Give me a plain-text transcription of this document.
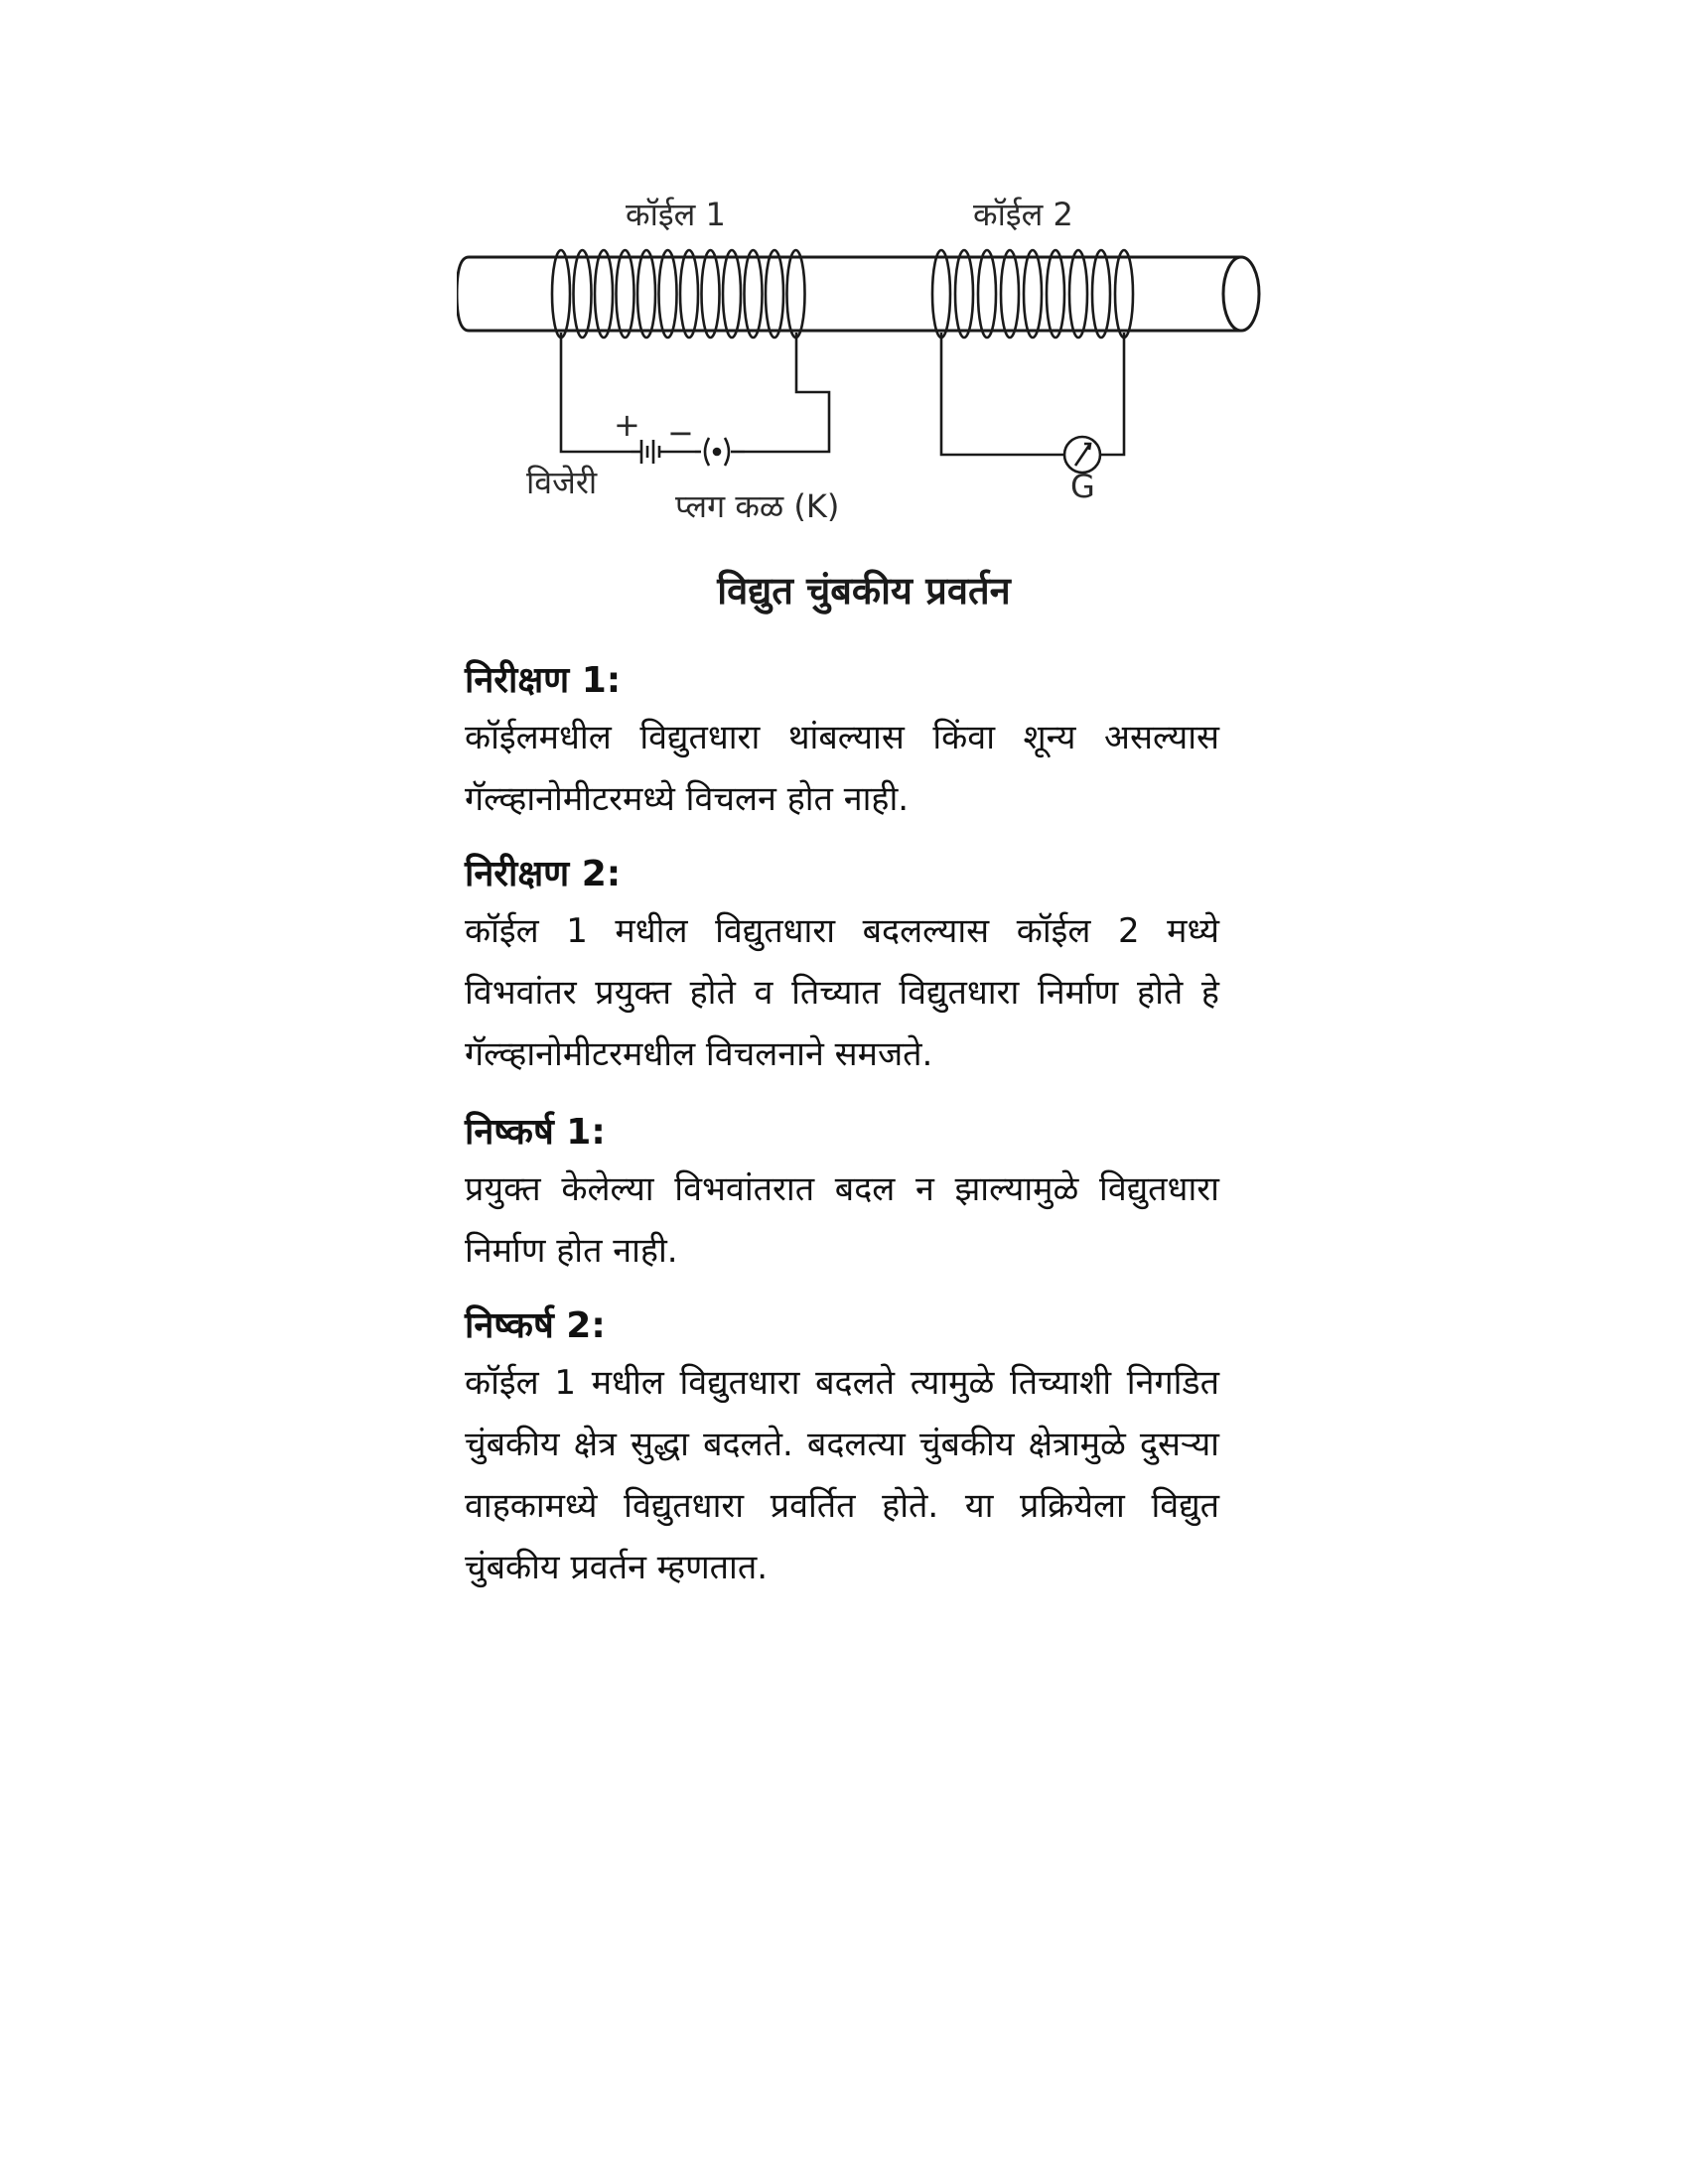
+ −
कॉईल 1	कॉईल 2
विजेरी
प्लग कळ (K)
G
विद्युत चुंबकीय प्रवर्तन

निरीक्षण 1:

कॉईलमधील विद्युतधारा थांबल्यास किंवा शून्य असल्यास गॅल्व्हानोमीटरमध्ये विचलन होत नाही.

निरीक्षण 2:

कॉईल 1 मधील विद्युतधारा बदलल्यास कॉईल 2 मध्ये विभवांतर प्रयुक्त होते व तिच्यात विद्युतधारा निर्माण होते हे गॅल्व्हानोमीटरमधील विचलनाने समजते.

निष्कर्ष 1:

प्रयुक्त केलेल्या विभवांतरात बदल न झाल्यामुळे विद्युतधारा निर्माण होत नाही.

निष्कर्ष 2:

कॉईल 1 मधील विद्युतधारा बदलते त्यामुळे तिच्याशी निगडित चुंबकीय क्षेत्र सुद्धा बदलते. बदलत्या चुंबकीय क्षेत्रामुळे दुसऱ्या वाहकामध्ये विद्युतधारा प्रवर्तित होते. या प्रक्रियेला विद्युत चुंबकीय प्रवर्तन म्हणतात.
